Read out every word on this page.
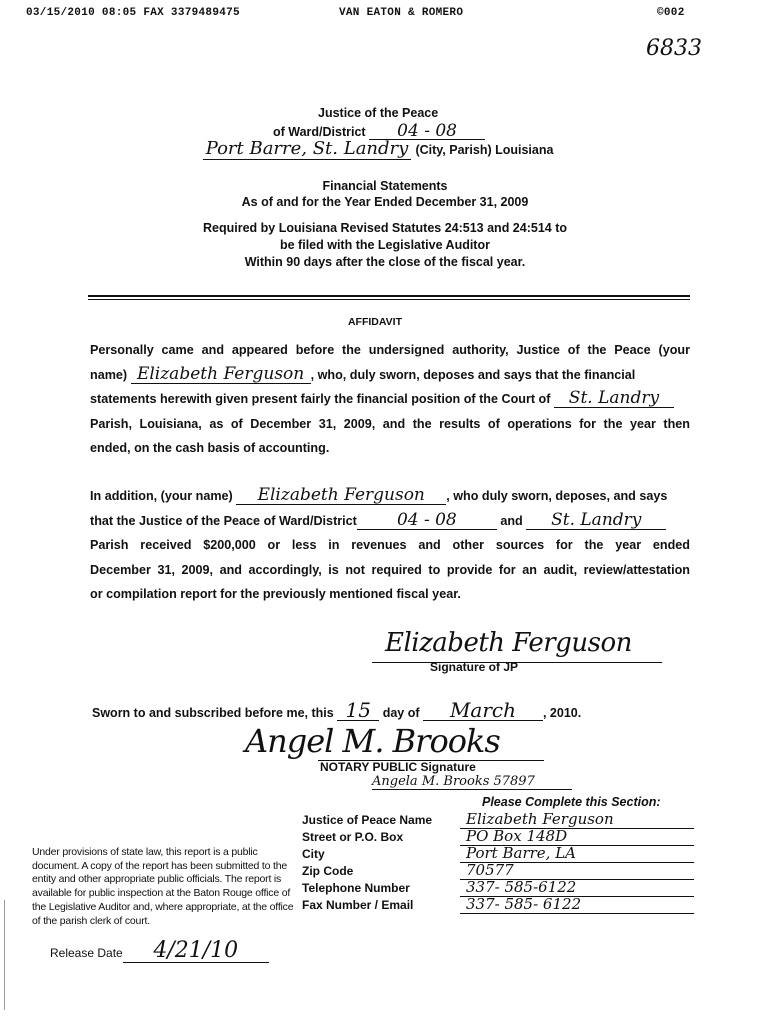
03/15/2010 08:05 FAX 3379489475	VAN EATON & ROMERO	©002
6833
Justice of the Peace
of Ward/District 04 - 08
Port Barre, St. Landry (City, Parish) Louisiana
Financial Statements
As of and for the Year Ended December 31, 2009
Required by Louisiana Revised Statutes 24:513 and 24:514 to
be filed with the Legislative Auditor
Within 90 days after the close of the fiscal year.
AFFIDAVIT
Personally came and appeared before the undersigned authority, Justice of the Peace (your
name) Elizabeth Ferguson , who, duly sworn, deposes and says that the financial
statements herewith given present fairly the financial position of the Court of St. Landry
Parish, Louisiana, as of December 31, 2009, and the results of operations for the year then
ended, on the cash basis of accounting.
In addition, (your name) Elizabeth Ferguson , who duly sworn, deposes, and says
that the Justice of the Peace of Ward/District 04 - 08	and St. Landry
Parish received $200,000 or less in revenues and other sources for the year ended
December 31, 2009, and accordingly, is not required to provide for an audit, review/attestation
or compilation report for the previously mentioned fiscal year.
Elizabeth Ferguson
Signature of JP
Sworn to and subscribed before me, this 15 day of March , 2010.
Angel M. Brooks
NOTARY PUBLIC Signature
Angela M. Brooks 57897
Please Complete this Section:
Justice of Peace Name	Elizabeth Ferguson
Street or P.O. Box	PO Box 148D
City	Port Barre, LA
Zip Code	70577
Telephone Number	337- 585-6122
Fax Number / Email	337- 585- 6122
Under provisions of state law, this report is a public document. A copy of the report has been submitted to the entity and other appropriate public officials. The report is available for public inspection at the Baton Rouge office of the Legislative Auditor and, where appropriate, at the office of the parish clerk of court.
Release Date 4/21/10
